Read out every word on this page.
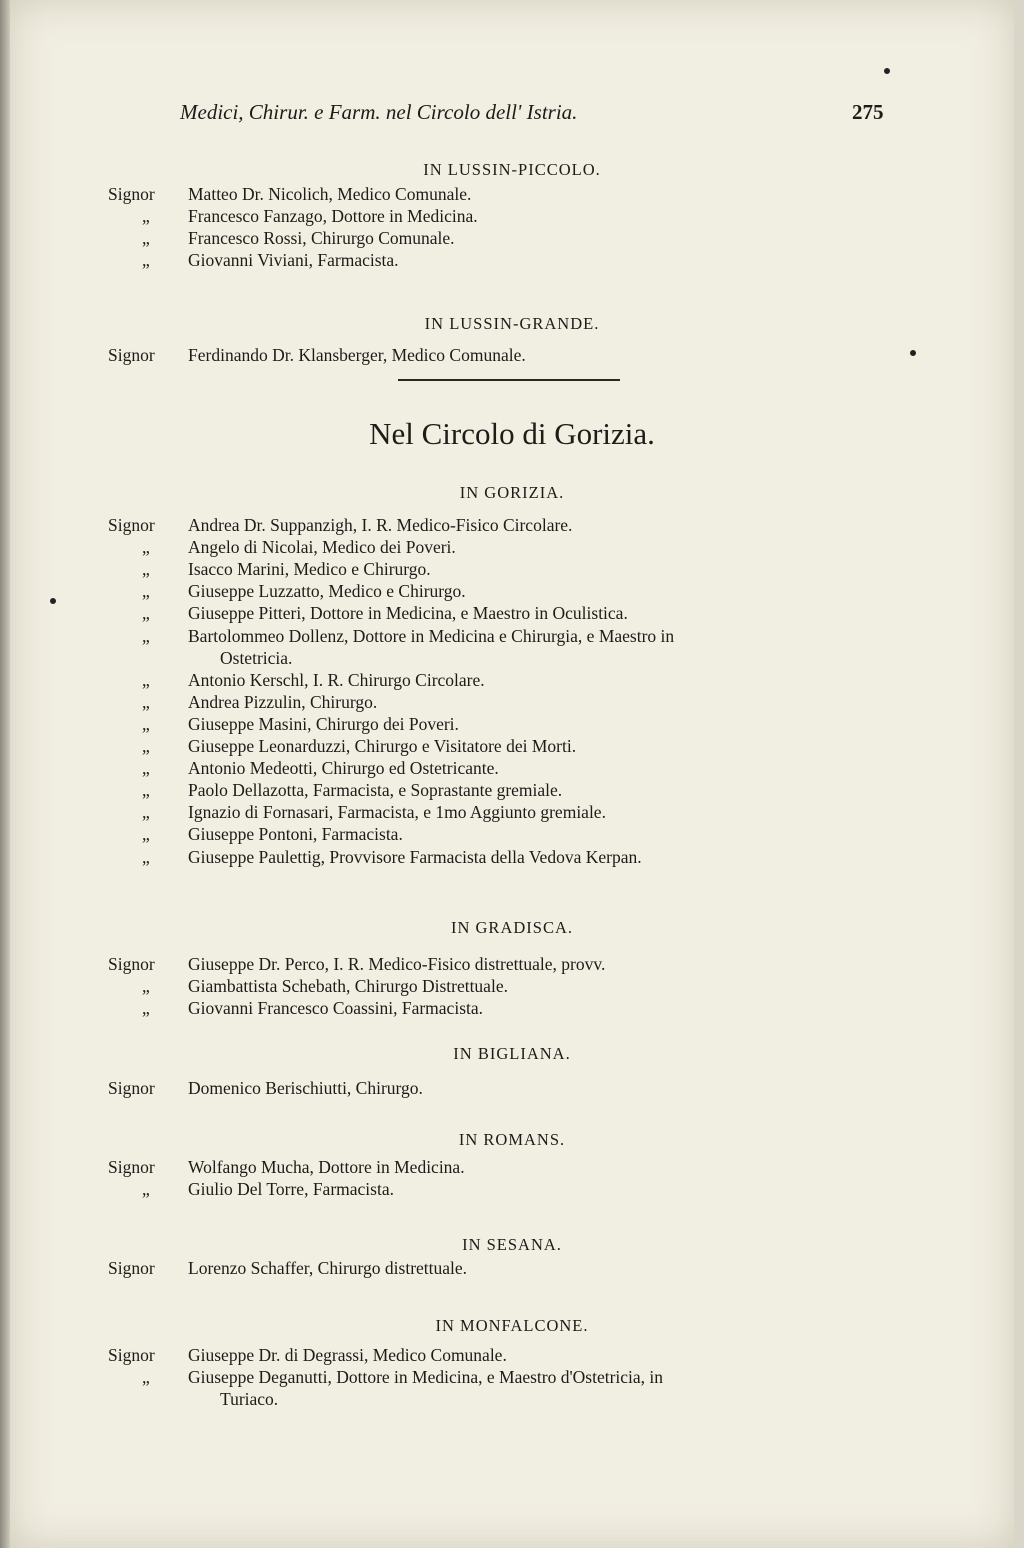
Medici, Chirur. e Farm. nel Circolo dell' Istria.	275
IN LUSSIN-PICCOLO.
Signor	Matteo Dr. Nicolich, Medico Comunale.
„	Francesco Fanzago, Dottore in Medicina.
„	Francesco Rossi, Chirurgo Comunale.
„	Giovanni Viviani, Farmacista.
IN LUSSIN-GRANDE.
Signor	Ferdinando Dr. Klansberger, Medico Comunale.
Nel Circolo di Gorizia.
IN GORIZIA.
Signor	Andrea Dr. Suppanzigh, I. R. Medico-Fisico Circolare.
„	Angelo di Nicolai, Medico dei Poveri.
„	Isacco Marini, Medico e Chirurgo.
„	Giuseppe Luzzatto, Medico e Chirurgo.
„	Giuseppe Pitteri, Dottore in Medicina, e Maestro in Oculistica.
„	Bartolommeo Dollenz, Dottore in Medicina e Chirurgia, e Maestro in
Ostetricia.
„	Antonio Kerschl, I. R. Chirurgo Circolare.
„	Andrea Pizzulin, Chirurgo.
„	Giuseppe Masini, Chirurgo dei Poveri.
„	Giuseppe Leonarduzzi, Chirurgo e Visitatore dei Morti.
„	Antonio Medeotti, Chirurgo ed Ostetricante.
„	Paolo Dellazotta, Farmacista, e Soprastante gremiale.
„	Ignazio di Fornasari, Farmacista, e 1mo Aggiunto gremiale.
„	Giuseppe Pontoni, Farmacista.
„	Giuseppe Paulettig, Provvisore Farmacista della Vedova Kerpan.
IN GRADISCA.
Signor	Giuseppe Dr. Perco, I. R. Medico-Fisico distrettuale, provv.
„	Giambattista Schebath, Chirurgo Distrettuale.
„	Giovanni Francesco Coassini, Farmacista.
IN BIGLIANA.
Signor	Domenico Berischiutti, Chirurgo.
IN ROMANS.
Signor	Wolfango Mucha, Dottore in Medicina.
„	Giulio Del Torre, Farmacista.
IN SESANA.
Signor	Lorenzo Schaffer, Chirurgo distrettuale.
IN MONFALCONE.
Signor	Giuseppe Dr. di Degrassi, Medico Comunale.
„	Giuseppe Deganutti, Dottore in Medicina, e Maestro d'Ostetricia, in
Turiaco.
